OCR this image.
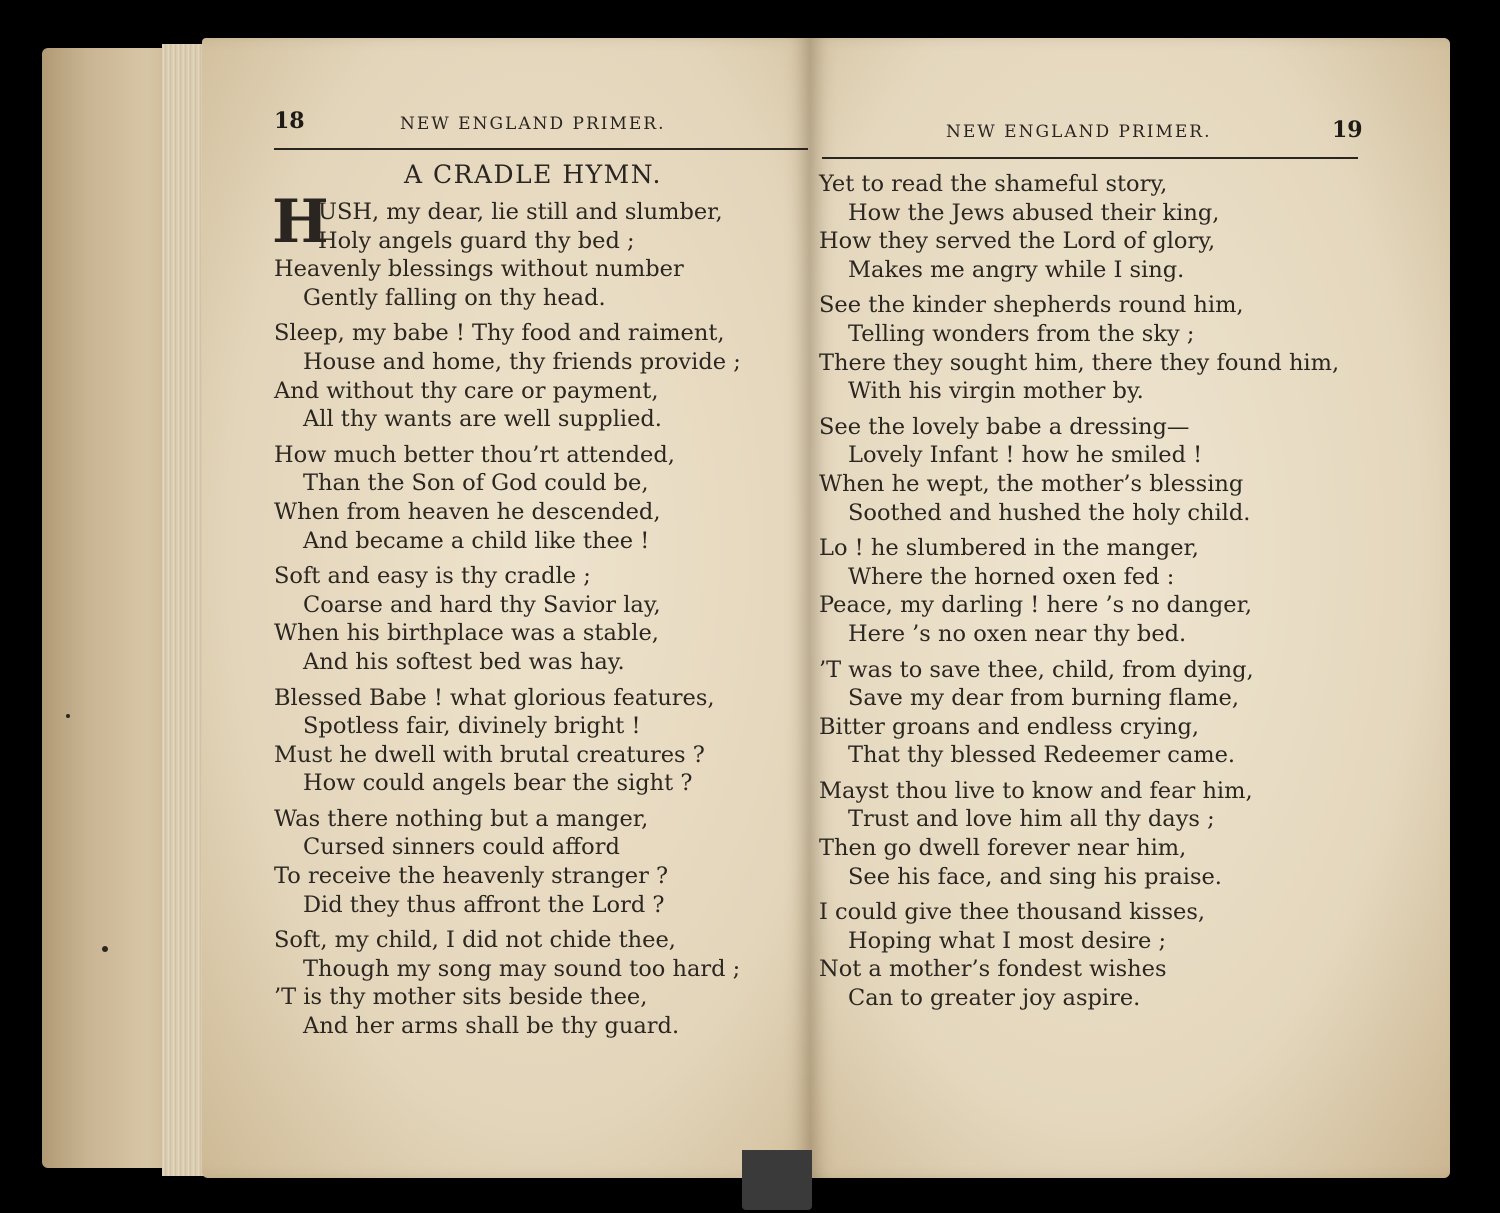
18	NEW ENGLAND PRIMER.
A CRADLE HYMN.
H
USH, my dear, lie still and slumber,
Holy angels guard thy bed ;
Heavenly blessings without number
Gently falling on thy head.
Sleep, my babe ! Thy food and raiment,
House and home, thy friends provide ;
And without thy care or payment,
All thy wants are well supplied.
How much better thou’rt attended,
Than the Son of God could be,
When from heaven he descended,
And became a child like thee !
Soft and easy is thy cradle ;
Coarse and hard thy Savior lay,
When his birthplace was a stable,
And his softest bed was hay.
Blessed Babe ! what glorious features,
Spotless fair, divinely bright !
Must he dwell with brutal creatures ?
How could angels bear the sight ?
Was there nothing but a manger,
Cursed sinners could afford
To receive the heavenly stranger ?
Did they thus affront the Lord ?
Soft, my child, I did not chide thee,
Though my song may sound too hard ;
’T is thy mother sits beside thee,
And her arms shall be thy guard.
NEW ENGLAND PRIMER.	19
Yet to read the shameful story,
How the Jews abused their king,
How they served the Lord of glory,
Makes me angry while I sing.
See the kinder shepherds round him,
Telling wonders from the sky ;
There they sought him, there they found him,
With his virgin mother by.
See the lovely babe a dressing—
Lovely Infant ! how he smiled !
When he wept, the mother’s blessing
Soothed and hushed the holy child.
Lo ! he slumbered in the manger,
Where the horned oxen fed :
Peace, my darling ! here ’s no danger,
Here ’s no oxen near thy bed.
’T was to save thee, child, from dying,
Save my dear from burning flame,
Bitter groans and endless crying,
That thy blessed Redeemer came.
Mayst thou live to know and fear him,
Trust and love him all thy days ;
Then go dwell forever near him,
See his face, and sing his praise.
I could give thee thousand kisses,
Hoping what I most desire ;
Not a mother’s fondest wishes
Can to greater joy aspire.
